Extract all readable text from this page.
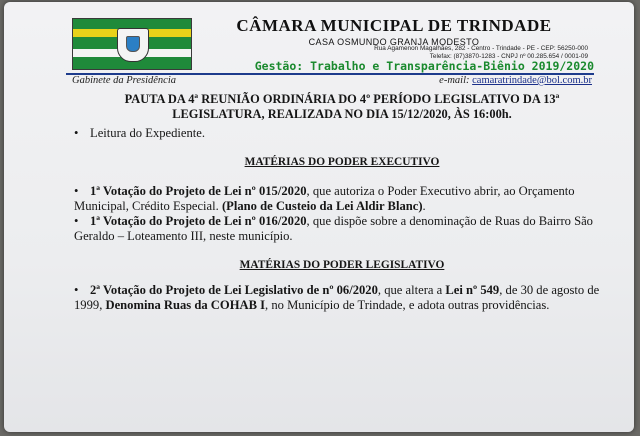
CÂMARA MUNICIPAL DE TRINDADE
CASA OSMUNDO GRANJA MODESTO
Rua Agamenon Magalhães, 282 - Centro - Trindade - PE - CEP: 56250-000
Telefax: (87)3870-1283 - CNPJ nº 00.285.654 / 0001-09
Gestão: Trabalho e Transparência-Biênio 2019/2020
Gabinete da Presidência	e-mail: camaratrindade@bol.com.br
PAUTA DA 4ª REUNIÃO ORDINÁRIA DO 4º PERÍODO LEGISLATIVO DA 13ª
LEGISLATURA, REALIZADA NO DIA 15/12/2020, ÀS 16:00h.

• Leitura do Expediente.

MATÉRIAS DO PODER EXECUTIVO

• 1ª Votação do Projeto de Lei nº 015/2020, que autoriza o Poder Executivo abrir, ao Orçamento Municipal, Crédito Especial. (Plano de Custeio da Lei Aldir Blanc).

• 1ª Votação do Projeto de Lei nº 016/2020, que dispõe sobre a denominação de Ruas do Bairro São Geraldo – Loteamento III, neste município.

MATÉRIAS DO PODER LEGISLATIVO

• 2ª Votação do Projeto de Lei Legislativo de nº 06/2020, que altera a Lei nº 549, de 30 de agosto de 1999, Denomina Ruas da COHAB I, no Município de Trindade, e adota outras providências.
